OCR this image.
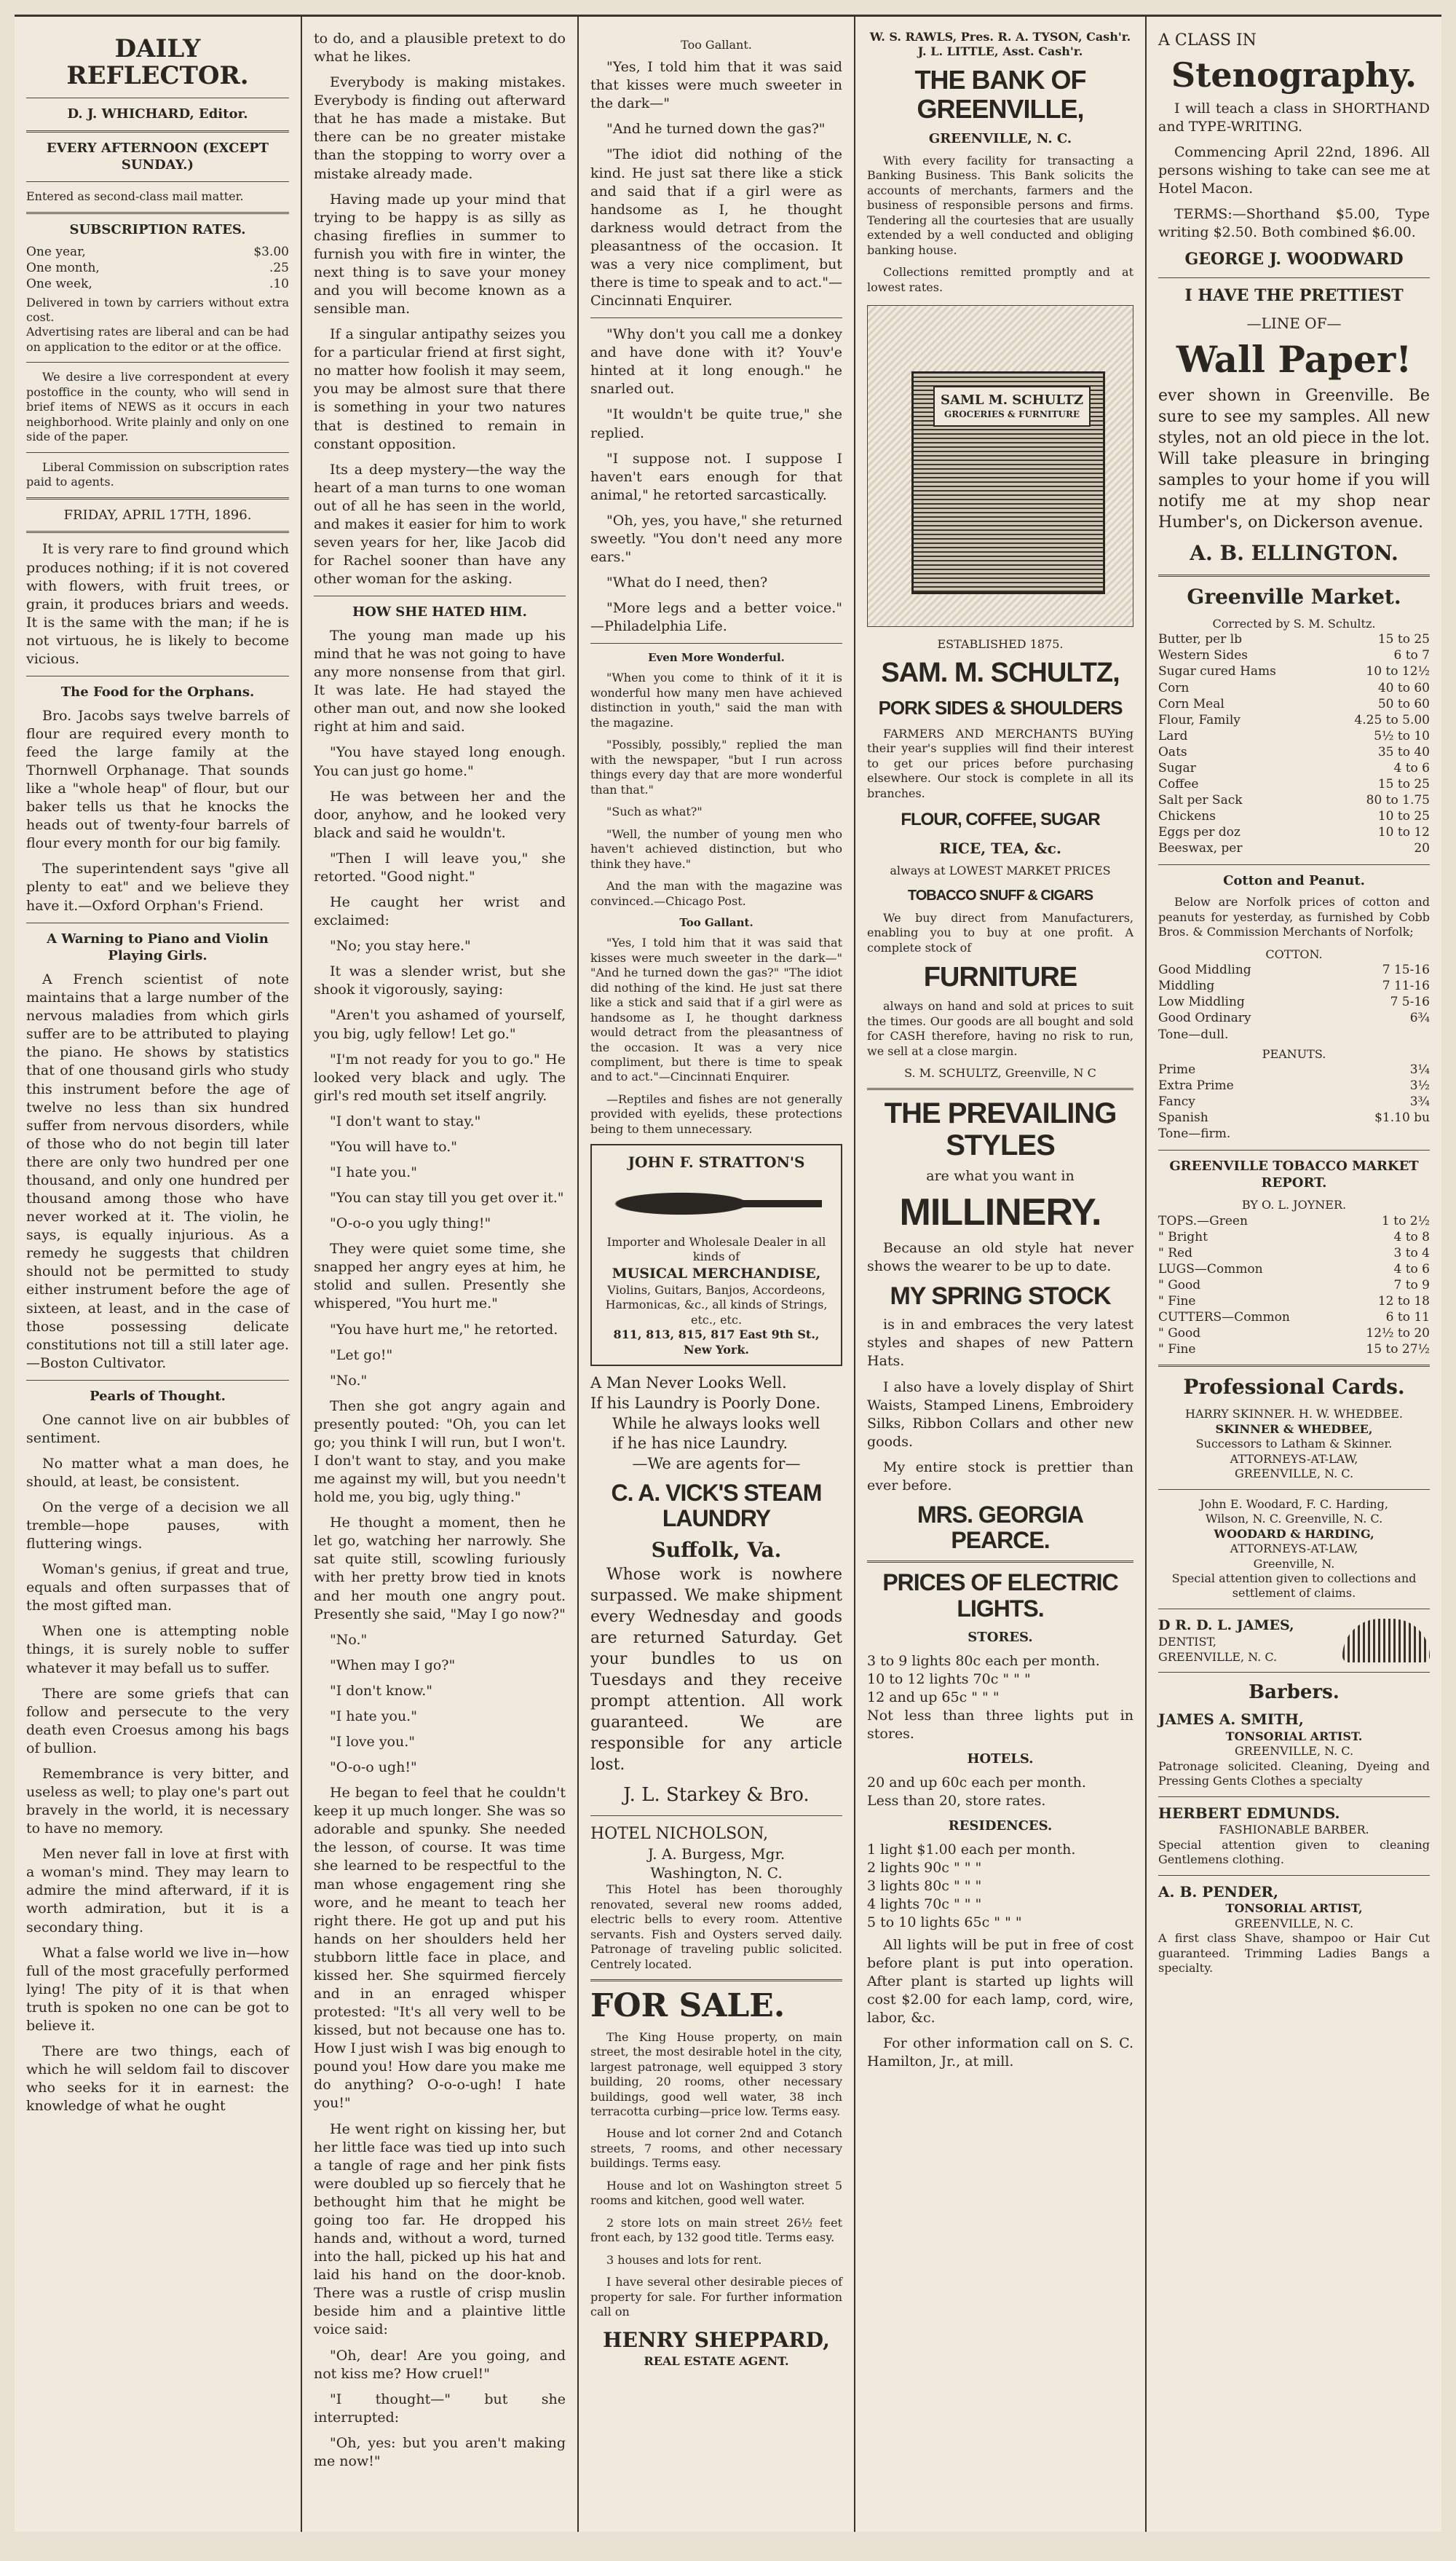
DAILY REFLECTOR.
D. J. WHICHARD, Editor.
EVERY AFTERNOON (EXCEPT SUNDAY.)
Entered as second-class mail matter.
SUBSCRIPTION RATES.
One year,	$3.00
One month,	.25
One week,	.10
Delivered in town by carriers without extra cost.
Advertising rates are liberal and can be had on application to the editor or at the office.

We desire a live correspondent at every postoffice in the county, who will send in brief items of NEWS as it occurs in each neighborhood. Write plainly and only on one side of the paper.

Liberal Commission on subscription rates paid to agents.

FRIDAY, APRIL 17TH, 1896.

It is very rare to find ground which produces nothing; if it is not covered with flowers, with fruit trees, or grain, it produces briars and weeds. It is the same with the man; if he is not virtuous, he is likely to become vicious.

The Food for the Orphans.

Bro. Jacobs says twelve barrels of flour are required every month to feed the large family at the Thornwell Orphanage. That sounds like a "whole heap" of flour, but our baker tells us that he knocks the heads out of twenty-four barrels of flour every month for our big family.

The superintendent says "give all plenty to eat" and we believe they have it.—Oxford Orphan's Friend.

A Warning to Piano and Violin Playing Girls.

A French scientist of note maintains that a large number of the nervous maladies from which girls suffer are to be attributed to playing the piano. He shows by statistics that of one thousand girls who study this instrument before the age of twelve no less than six hundred suffer from nervous disorders, while of those who do not begin till later there are only two hundred per one thousand, and only one hundred per thousand among those who have never worked at it. The violin, he says, is equally injurious. As a remedy he suggests that children should not be permitted to study either instrument before the age of sixteen, at least, and in the case of those possessing delicate constitutions not till a still later age.—Boston Cultivator.

Pearls of Thought.

One cannot live on air bubbles of sentiment.

No matter what a man does, he should, at least, be consistent.

On the verge of a decision we all tremble—hope pauses, with fluttering wings.

Woman's genius, if great and true, equals and often surpasses that of the most gifted man.

When one is attempting noble things, it is surely noble to suffer whatever it may befall us to suffer.

There are some griefs that can follow and persecute to the very death even Croesus among his bags of bullion.

Remembrance is very bitter, and useless as well; to play one's part out bravely in the world, it is necessary to have no memory.

Men never fall in love at first with a woman's mind. They may learn to admire the mind afterward, if it is worth admiration, but it is a secondary thing.

What a false world we live in—how full of the most gracefully performed lying! The pity of it is that when truth is spoken no one can be got to believe it.

There are two things, each of which he will seldom fail to discover who seeks for it in earnest: the knowledge of what he ought

to do, and a plausible pretext to do what he likes.

Everybody is making mistakes. Everybody is finding out afterward that he has made a mistake. But there can be no greater mistake than the stopping to worry over a mistake already made.

Having made up your mind that trying to be happy is as silly as chasing fireflies in summer to furnish you with fire in winter, the next thing is to save your money and you will become known as a sensible man.

If a singular antipathy seizes you for a particular friend at first sight, no matter how foolish it may seem, you may be almost sure that there is something in your two natures that is destined to remain in constant opposition.

Its a deep mystery—the way the heart of a man turns to one woman out of all he has seen in the world, and makes it easier for him to work seven years for her, like Jacob did for Rachel sooner than have any other woman for the asking.

HOW SHE HATED HIM.

The young man made up his mind that he was not going to have any more nonsense from that girl. It was late. He had stayed the other man out, and now she looked right at him and said.

"You have stayed long enough. You can just go home."

He was between her and the door, anyhow, and he looked very black and said he wouldn't.

"Then I will leave you," she retorted. "Good night."

He caught her wrist and exclaimed:

"No; you stay here."

It was a slender wrist, but she shook it vigorously, saying:

"Aren't you ashamed of yourself, you big, ugly fellow! Let go."

"I'm not ready for you to go." He looked very black and ugly. The girl's red mouth set itself angrily.

"I don't want to stay."

"You will have to."

"I hate you."

"You can stay till you get over it."

"O-o-o you ugly thing!"

They were quiet some time, she snapped her angry eyes at him, he stolid and sullen. Presently she whispered, "You hurt me."

"You have hurt me," he retorted.

"Let go!"

"No."

Then she got angry again and presently pouted: "Oh, you can let go; you think I will run, but I won't. I don't want to stay, and you make me against my will, but you needn't hold me, you big, ugly thing."

He thought a moment, then he let go, watching her narrowly. She sat quite still, scowling furiously with her pretty brow tied in knots and her mouth one angry pout. Presently she said, "May I go now?"

"No."

"When may I go?"

"I don't know."

"I hate you."

"I love you."

"O-o-o ugh!"

He began to feel that he couldn't keep it up much longer. She was so adorable and spunky. She needed the lesson, of course. It was time she learned to be respectful to the man whose engagement ring she wore, and he meant to teach her right there. He got up and put his hands on her shoulders held her stubborn little face in place, and kissed her. She squirmed fiercely and in an enraged whisper protested: "It's all very well to be kissed, but not because one has to. How I just wish I was big enough to pound you! How dare you make me do anything? O-o-o-ugh! I hate you!"

He went right on kissing her, but her little face was tied up into such a tangle of rage and her pink fists were doubled up so fiercely that he bethought him that he might be going too far. He dropped his hands and, without a word, turned into the hall, picked up his hat and laid his hand on the door-knob. There was a rustle of crisp muslin beside him and a plaintive little voice said:

"Oh, dear! Are you going, and not kiss me? How cruel!"

"I thought—" but she interrupted:

"Oh, yes: but you aren't making me now!"

Too Gallant.

"Yes, I told him that it was said that kisses were much sweeter in the dark—"

"And he turned down the gas?"

"The idiot did nothing of the kind. He just sat there like a stick and said that if a girl were as handsome as I, he thought darkness would detract from the pleasantness of the occasion. It was a very nice compliment, but there is time to speak and to act."—Cincinnati Enquirer.

"Why don't you call me a donkey and have done with it? Youv'e hinted at it long enough." he snarled out.

"It wouldn't be quite true," she replied.

"I suppose not. I suppose I haven't ears enough for that animal," he retorted sarcastically.

"Oh, yes, you have," she returned sweetly. "You don't need any more ears."

"What do I need, then?

"More legs and a better voice." —Philadelphia Life.

Even More Wonderful.

"When you come to think of it it is wonderful how many men have achieved distinction in youth," said the man with the magazine.

"Possibly, possibly," replied the man with the newspaper, "but I run across things every day that are more wonderful than that."

"Such as what?"

"Well, the number of young men who haven't achieved distinction, but who think they have."

And the man with the magazine was convinced.—Chicago Post.

Too Gallant.

"Yes, I told him that it was said that kisses were much sweeter in the dark—" "And he turned down the gas?" "The idiot did nothing of the kind. He just sat there like a stick and said that if a girl were as handsome as I, he thought darkness would detract from the pleasantness of the occasion. It was a very nice compliment, but there is time to speak and to act."—Cincinnati Enquirer.

—Reptiles and fishes are not generally provided with eyelids, these protections being to them unnecessary.

JOHN F. STRATTON'S
Importer and Wholesale Dealer in all kinds of
MUSICAL MERCHANDISE,
Violins, Guitars, Banjos, Accordeons, Harmonicas, &c., all kinds of Strings, etc., etc.
811, 813, 815, 817 East 9th St., New York.
A Man Never Looks Well.
If his Laundry is Poorly Done.
While he always looks well
if he has nice Laundry.
—We are agents for—
C. A. VICK'S STEAM LAUNDRY
Suffolk, Va.

Whose work is nowhere surpassed. We make shipment every Wednesday and goods are returned Saturday. Get your bundles to us on Tuesdays and they receive prompt attention. All work guaranteed. We are responsible for any article lost.

J. L. Starkey & Bro.
HOTEL NICHOLSON,
J. A. Burgess, Mgr.
Washington, N. C.

This Hotel has been thoroughly renovated, several new rooms added, electric bells to every room. Attentive servants. Fish and Oysters served daily. Patronage of traveling public solicited. Centrely located.

FOR SALE.

The King House property, on main street, the most desirable hotel in the city, largest patronage, well equipped 3 story building, 20 rooms, other necessary buildings, good well water, 38 inch terracotta curbing—price low. Terms easy.

House and lot corner 2nd and Cotanch streets, 7 rooms, and other necessary buildings. Terms easy.

House and lot on Washington street 5 rooms and kitchen, good well water.

2 store lots on main street 26½ feet front each, by 132 good title. Terms easy.

3 houses and lots for rent.

I have several other desirable pieces of property for sale. For further information call on

HENRY SHEPPARD,
REAL ESTATE AGENT.
W. S. RAWLS, Pres. R. A. TYSON, Cash'r. J. L. LITTLE, Asst. Cash'r.
THE BANK OF GREENVILLE,
GREENVILLE, N. C.

With every facility for transacting a Banking Business. This Bank solicits the accounts of merchants, farmers and the business of responsible persons and firms. Tendering all the courtesies that are usually extended by a well conducted and obliging banking house.

Collections remitted promptly and at lowest rates.

SAML M. SCHULTZ
GROCERIES & FURNITURE
ESTABLISHED 1875.
SAM. M. SCHULTZ,
PORK SIDES & SHOULDERS

FARMERS AND MERCHANTS BUYing their year's supplies will find their interest to get our prices before purchasing elsewhere. Our stock is complete in all its branches.

FLOUR, COFFEE, SUGAR
RICE, TEA, &c.
always at LOWEST MARKET PRICES
TOBACCO SNUFF & CIGARS

We buy direct from Manufacturers, enabling you to buy at one profit. A complete stock of

FURNITURE

always on hand and sold at prices to suit the times. Our goods are all bought and sold for CASH therefore, having no risk to run, we sell at a close margin.

S. M. SCHULTZ, Greenville, N C
THE PREVAILING STYLES
are what you want in
MILLINERY.

Because an old style hat never shows the wearer to be up to date.

MY SPRING STOCK

is in and embraces the very latest styles and shapes of new Pattern Hats.

I also have a lovely display of Shirt Waists, Stamped Linens, Embroidery Silks, Ribbon Collars and other new goods.

My entire stock is prettier than ever before.

MRS. GEORGIA PEARCE.
PRICES OF ELECTRIC LIGHTS.
STORES.
3 to 9 lights 80c each per month.
10 to 12 lights 70c " " "
12 and up 65c " " "
Not less than three lights put in stores.
HOTELS.
20 and up 60c each per month.
Less than 20, store rates.
RESIDENCES.
1 light $1.00 each per month.
2 lights 90c " " "
3 lights 80c " " "
4 lights 70c " " "
5 to 10 lights 65c " " "

All lights will be put in free of cost before plant is put into operation. After plant is started up lights will cost $2.00 for each lamp, cord, wire, labor, &c.

For other information call on S. C. Hamilton, Jr., at mill.

A CLASS IN
Stenography.

I will teach a class in SHORTHAND and TYPE-WRITING.

Commencing April 22nd, 1896. All persons wishing to take can see me at Hotel Macon.

TERMS:—Shorthand $5.00, Type writing $2.50. Both combined $6.00.

GEORGE J. WOODWARD
I HAVE THE PRETTIEST
—LINE OF—
Wall Paper!

ever shown in Greenville. Be sure to see my samples. All new styles, not an old piece in the lot. Will take pleasure in bringing samples to your home if you will notify me at my shop near Humber's, on Dickerson avenue.

A. B. ELLINGTON.
Greenville Market.
Corrected by S. M. Schultz.
Butter, per lb	15 to 25
Western Sides	6 to 7
Sugar cured Hams	10 to 12½
Corn	40 to 60
Corn Meal	50 to 60
Flour, Family	4.25 to 5.00
Lard	5½ to 10
Oats	35 to 40
Sugar	4 to 6
Coffee	15 to 25
Salt per Sack	80 to 1.75
Chickens	10 to 25
Eggs per doz	10 to 12
Beeswax, per	20
Cotton and Peanut.

Below are Norfolk prices of cotton and peanuts for yesterday, as furnished by Cobb Bros. & Commission Merchants of Norfolk;

COTTON.
Good Middling	7 15-16
Middling	7 11-16
Low Middling	7 5-16
Good Ordinary	6¾
Tone—dull.
PEANUTS.
Prime	3¼
Extra Prime	3½
Fancy	3¾
Spanish	$1.10 bu
Tone—firm.
GREENVILLE TOBACCO MARKET REPORT.
BY O. L. JOYNER.
TOPS.—Green	1 to 2½
" Bright	4 to 8
" Red	3 to 4
LUGS—Common	4 to 6
" Good	7 to 9
" Fine	12 to 18
CUTTERS—Common	6 to 11
" Good	12½ to 20
" Fine	15 to 27½
Professional Cards.
HARRY SKINNER. H. W. WHEDBEE.
SKINNER & WHEDBEE,
Successors to Latham & Skinner.
ATTORNEYS-AT-LAW,
GREENVILLE, N. C.
John E. Woodard, F. C. Harding,
Wilson, N. C. Greenville, N. C.
WOODARD & HARDING,
ATTORNEYS-AT-LAW,
Greenville, N.
Special attention given to collections and settlement of claims.
D R. D. L. JAMES,
DENTIST,
GREENVILLE, N. C.
Barbers.
JAMES A. SMITH,
TONSORIAL ARTIST.
GREENVILLE, N. C.
Patronage solicited. Cleaning, Dyeing and Pressing Gents Clothes a specialty
HERBERT EDMUNDS.
FASHIONABLE BARBER.
Special attention given to cleaning Gentlemens clothing.
A. B. PENDER,
TONSORIAL ARTIST,
GREENVILLE, N. C.
A first class Shave, shampoo or Hair Cut guaranteed. Trimming Ladies Bangs a specialty.
